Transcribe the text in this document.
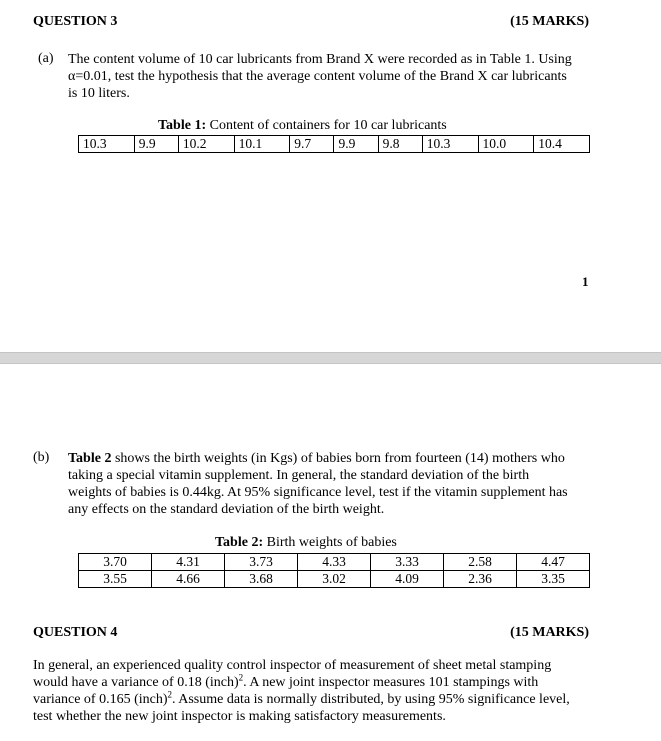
QUESTION 3	(15 MARKS)
(a) The content volume of 10 car lubricants from Brand X were recorded as in Table 1. Using

α=0.01, test the hypothesis that the average content volume of the Brand X car lubricants

is 10 liters.

Table 1: Content of containers for 10 car lubricants
10.3	9.9	10.2	10.1	9.7	9.9	9.8	10.3	10.0	10.4
1
(b) Table 2 shows the birth weights (in Kgs) of babies born from fourteen (14) mothers who

taking a special vitamin supplement. In general, the standard deviation of the birth

weights of babies is 0.44kg. At 95% significance level, test if the vitamin supplement has

any effects on the standard deviation of the birth weight.

Table 2: Birth weights of babies
3.70	4.31	3.73	4.33	3.33	2.58	4.47
3.55	4.66	3.68	3.02	4.09	2.36	3.35
QUESTION 4	(15 MARKS)

In general, an experienced quality control inspector of measurement of sheet metal stamping

would have a variance of 0.18 (inch)$^2$. A new joint inspector measures 101 stampings with

variance of 0.165 (inch)$^2$. Assume data is normally distributed, by using 95% significance level,

test whether the new joint inspector is making satisfactory measurements.
